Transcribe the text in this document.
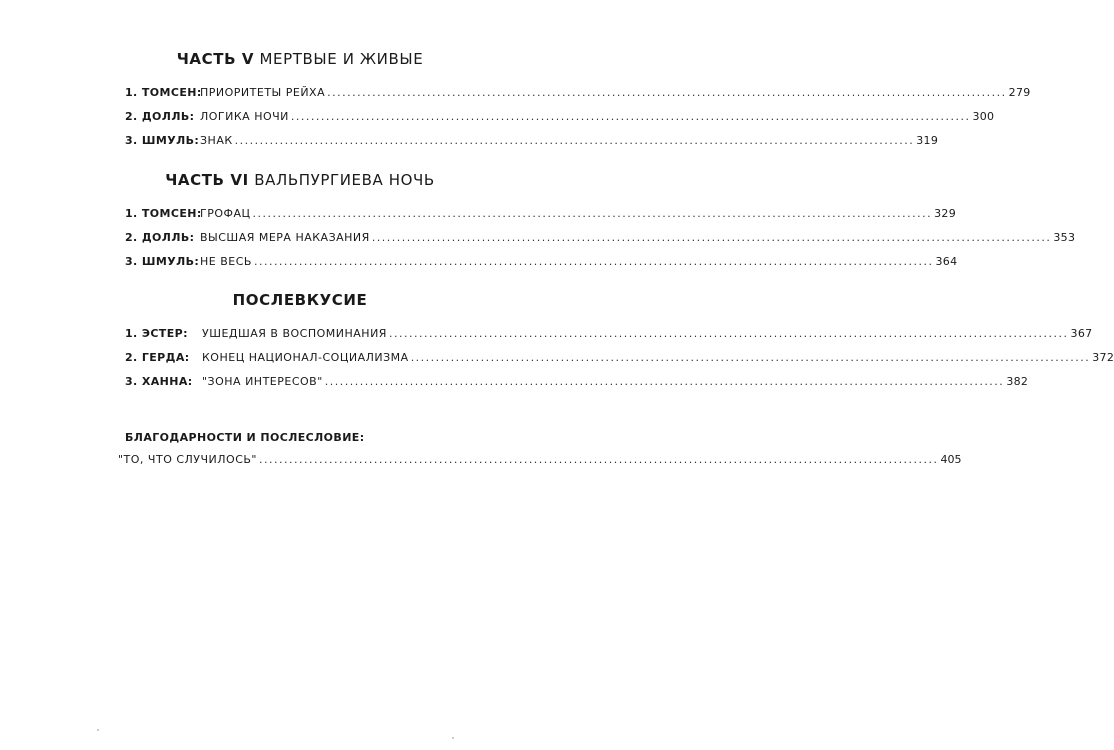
ЧАСТЬ V МЕРТВЫЕ И ЖИВЫЕ
1. ТОМСЕН:
ПРИОРИТЕТЫ РЕЙХА ........................................................................................................................................ 279
2. ДОЛЛЬ: ЛОГИКА НОЧИ ........................................................................................................................................ 300
3. ШМУЛЬ: ЗНАК ........................................................................................................................................ 319
ЧАСТЬ VI ВАЛЬПУРГИЕВА НОЧЬ
1. ТОМСЕН:
ГРОФАЦ ........................................................................................................................................ 329
2. ДОЛЛЬ: ВЫСШАЯ МЕРА НАКАЗАНИЯ ........................................................................................................................................ 353
3. ШМУЛЬ: НЕ ВЕСЬ ........................................................................................................................................ 364
ПОСЛЕВКУСИЕ
1. ЭСТЕР: УШЕДШАЯ В ВОСПОМИНАНИЯ ........................................................................................................................................ 367
2. ГЕРДА: КОНЕЦ НАЦИОНАЛ-СОЦИАЛИЗМА ........................................................................................................................................ 372
3. ХАННА: "ЗОНА ИНТЕРЕСОВ" ........................................................................................................................................ 382
БЛАГОДАРНОСТИ И ПОСЛЕСЛОВИЕ:
"ТО, ЧТО СЛУЧИЛОСЬ" ........................................................................................................................................ 405
